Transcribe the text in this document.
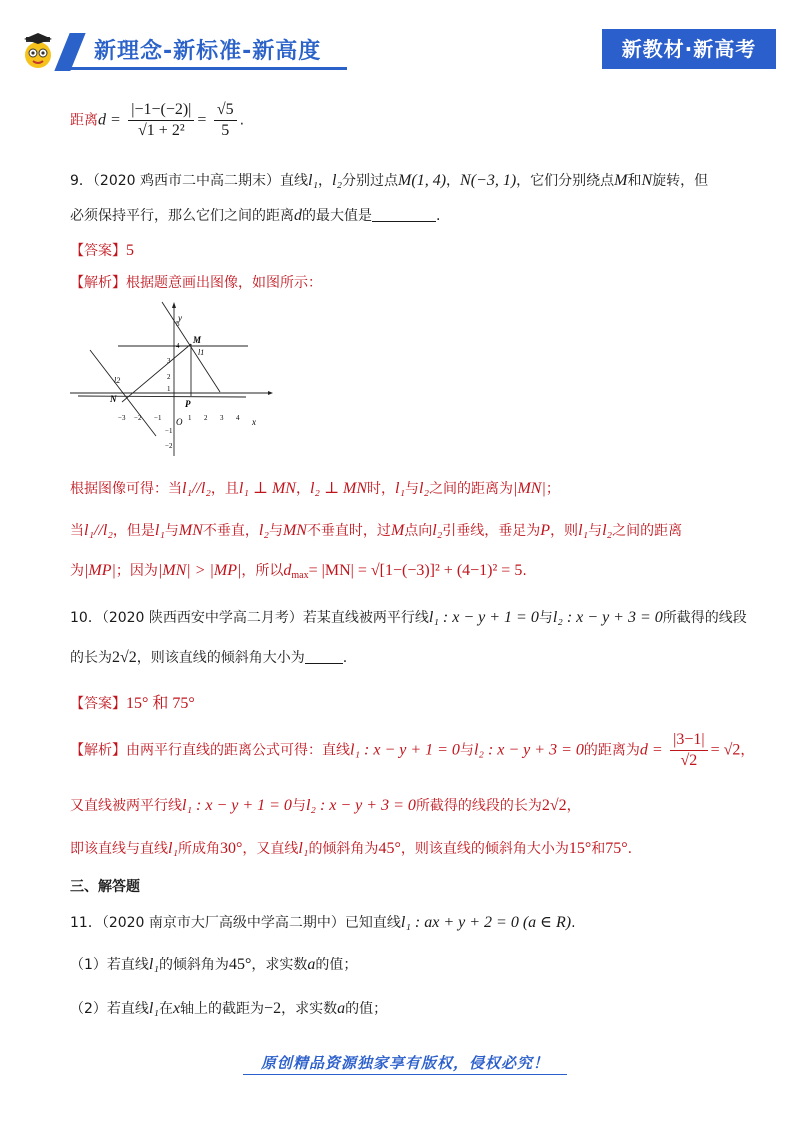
新理念-新标准-新高度	新教材·新高考
距离$d = \frac{|-1-(-2)|}{\text{√1 + 2²}} = \frac{√5}{5}$ .
9．（2020 鸡西市二中高二期末）直线l₁，l₂分别过点M(1, 4)，N(−3, 1)，它们分别绕点M和N旋转，但
必须保持平行，那么它们之间的距离d的最大值是	.
【答案】5
【解析】根据题意画出图像，如图所示：
5
4
3
2
1
−1
−2
−3 −2 −1	1 2 3 4
y
x
O
M
N	P
l1
l2
根据图像可得：当l₁//l₂，且l₁ ⊥ MN，l₂ ⊥ MN时，l₁与l₂之间的距离为|MN|；
当l₁//l₂，但是l₁与MN不垂直，l₂与MN不垂直时，过M点向l₂引垂线，垂足为P，则l₁与l₂之间的距离
为|MP|；因为|MN| > |MP|，所以$d_{max}= |MN| = √[1-(-3)]^2 + (4-1)^2 = 5$.
10．（2020 陕西西安中学高二月考）若某直线被两平行线l₁ : x − y + 1 = 0与l₂ : x − y + 3 = 0所截得的线段
的长为2√2，则该直线的倾斜角大小为	.
【答案】15° 和 75°
【解析】由两平行直线的距离公式可得：直线l₁ : x − y + 1 = 0与l₂ : x − y + 3 = 0的距离为$d = \frac{|3-1|}{√2} = √2$，
又直线被两平行线l₁ : x − y + 1 = 0与l₂ : x − y + 3 = 0所截得的线段的长为2√2，
即该直线与直线l₁所成角30°，又直线l₁的倾斜角为45°，则该直线的倾斜角大小为15°和75°.
三、解答题
11．（2020 南京市大厂高级中学高二期中）已知直线l₁ : ax + y + 2 = 0 (a ∈ R).
（1）若直线l₁的倾斜角为45°，求实数a的值；
（2）若直线l₁在x轴上的截距为−2，求实数a的值；
原创精品资源独家享有版权，侵权必究！
